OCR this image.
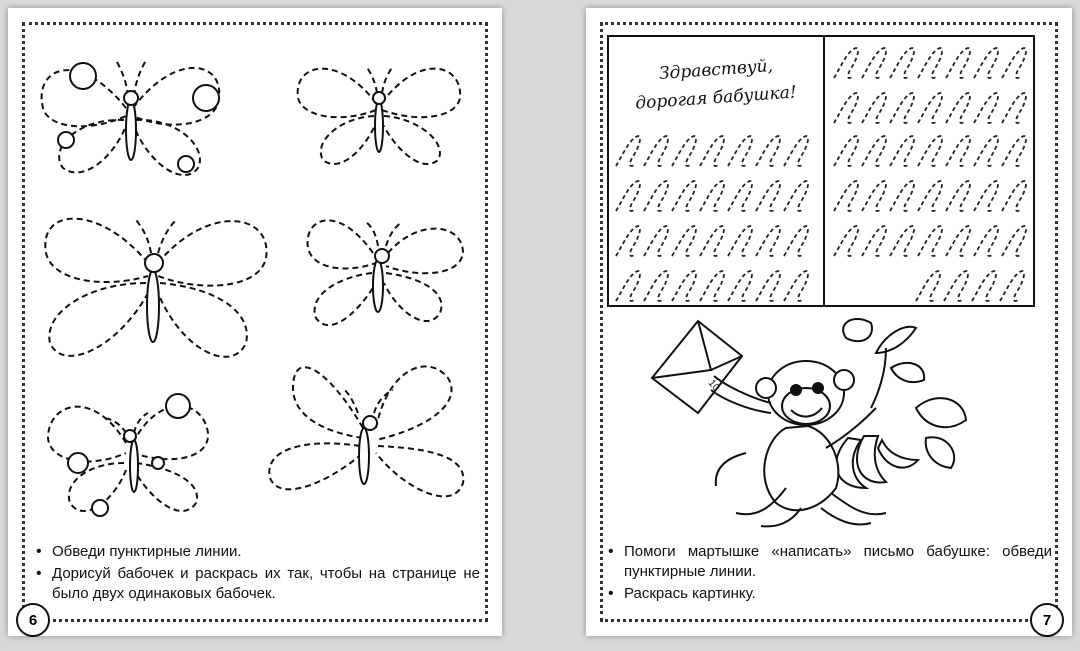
• Обведи пунктирные линии.
• Дорисуй бабочек и раскрась их так, чтобы на странице не было двух одинаковых бабочек.
6
10
Здравствуй,
дорогая бабушка!
• Помоги мартышке «написать» письмо бабушке: обведи пунктирные линии.
• Раскрась картинку.
7
